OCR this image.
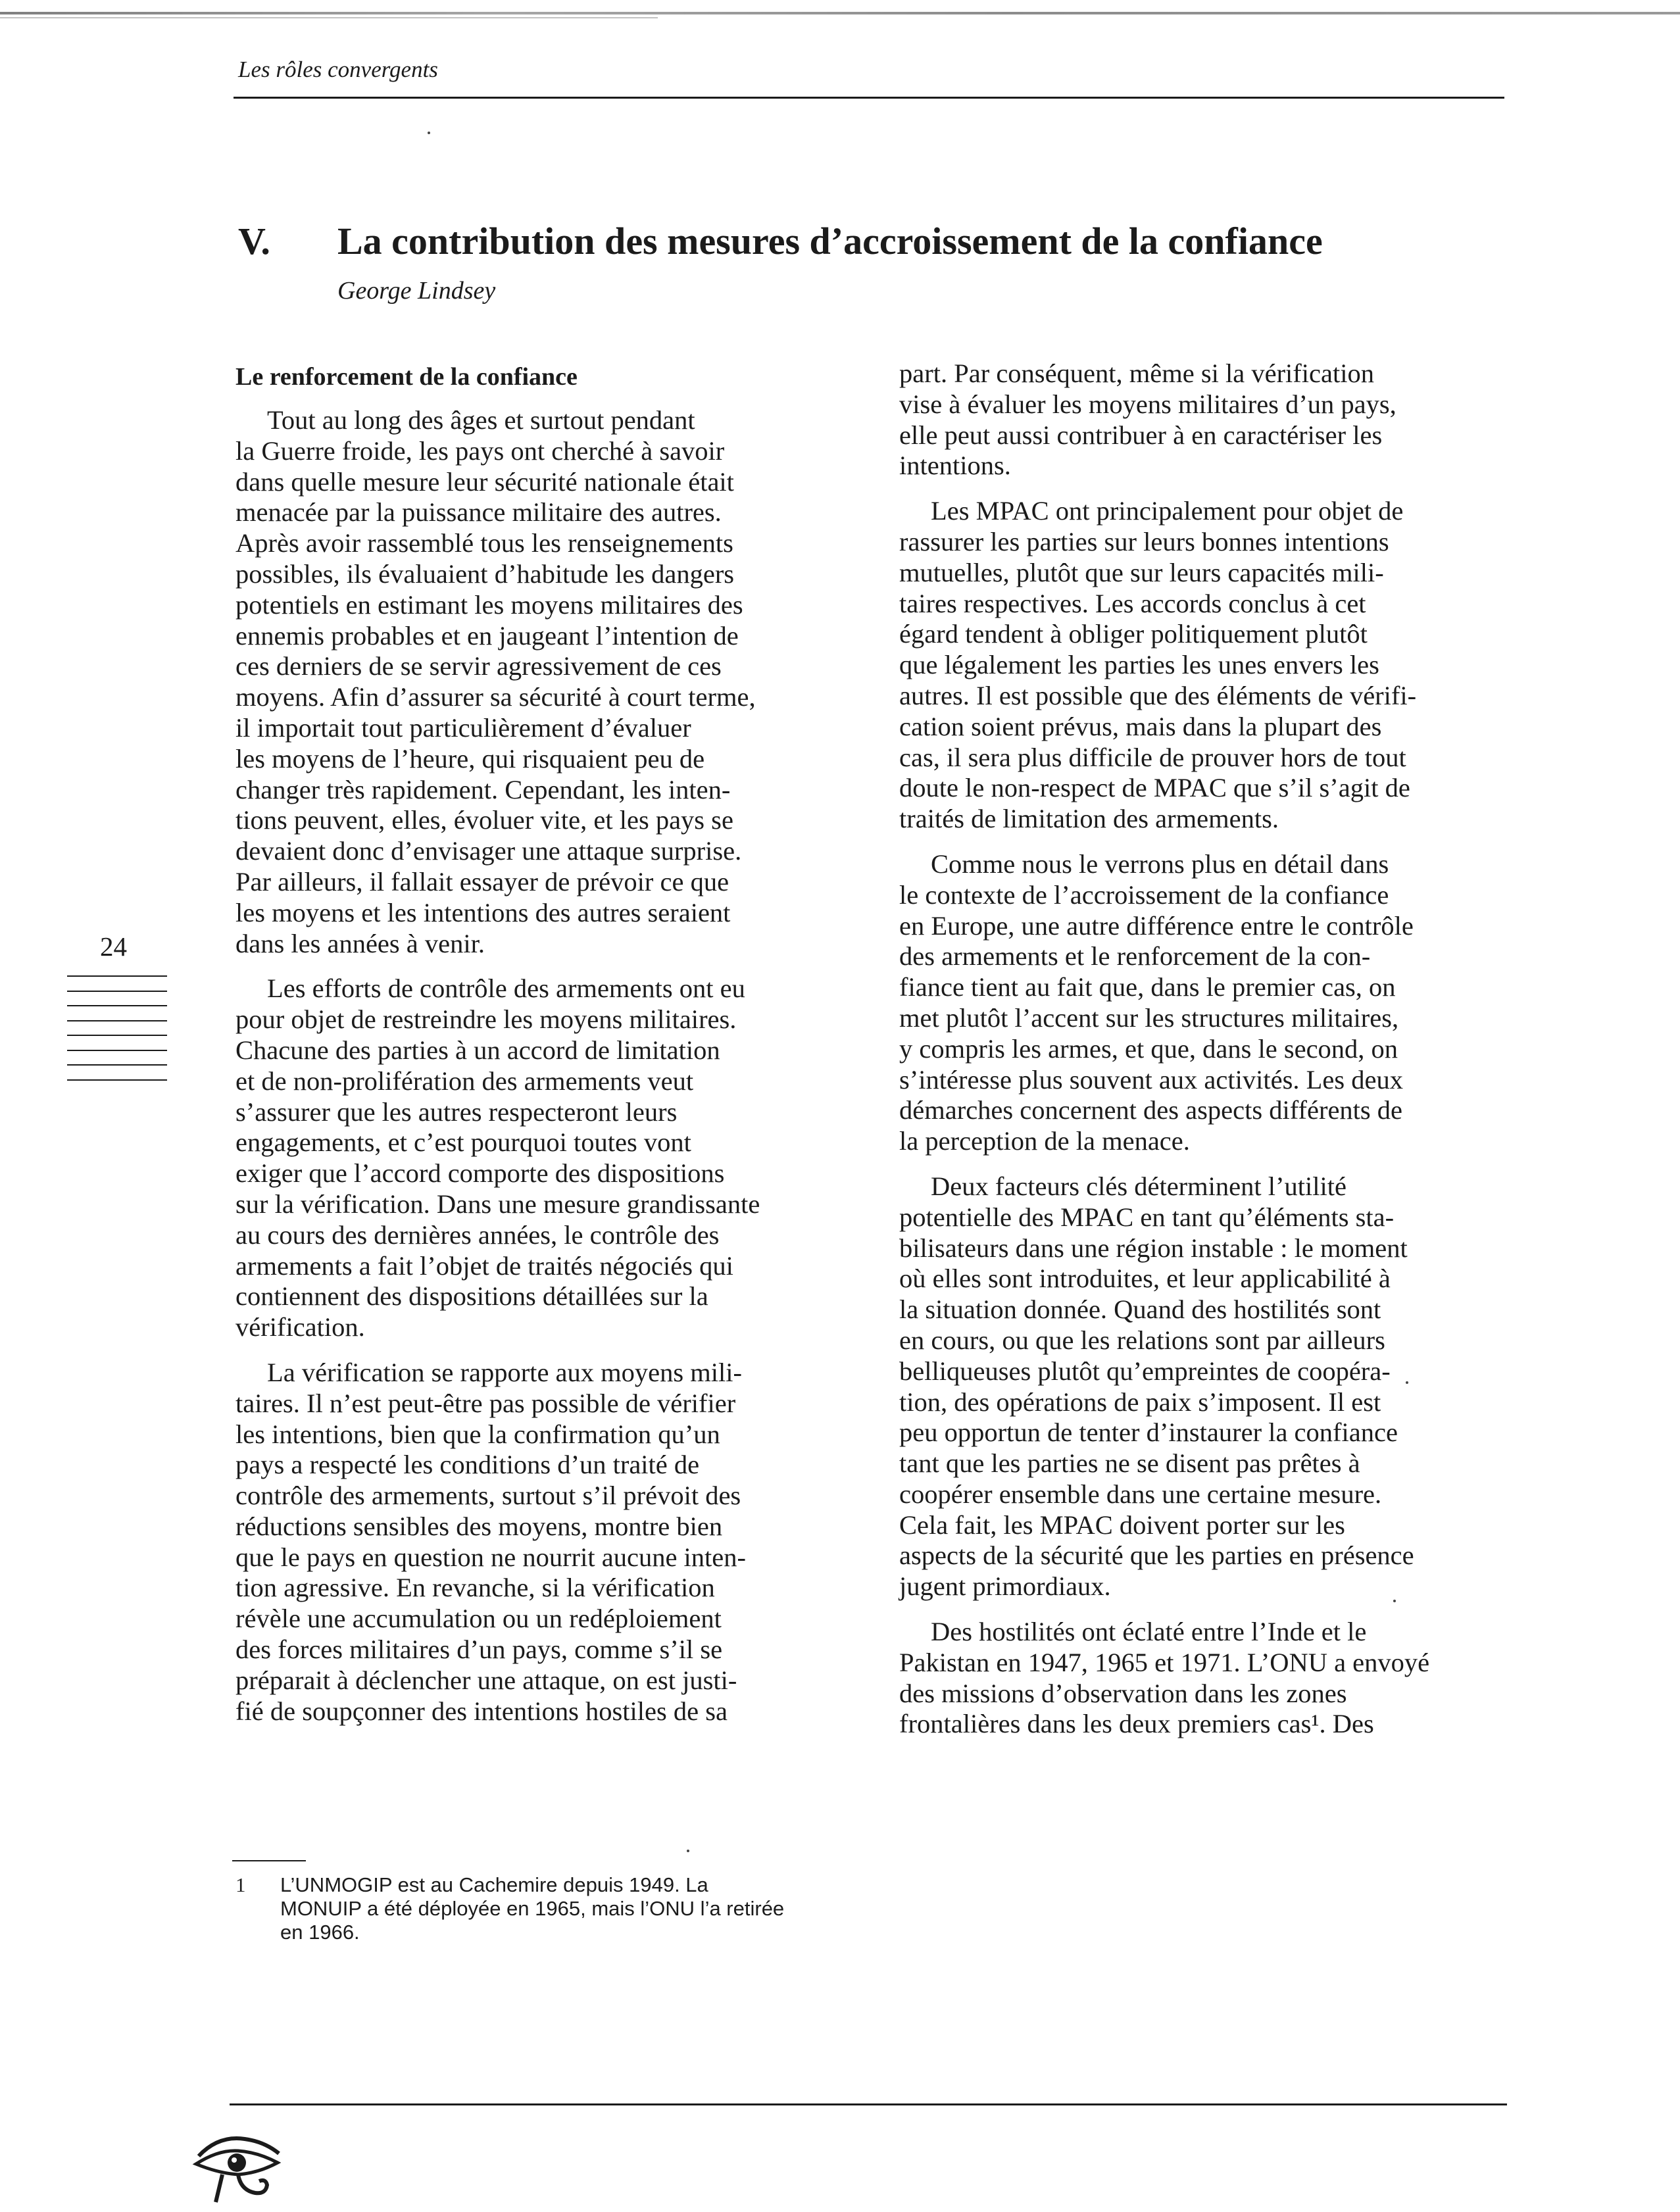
Les rôles convergents
V. La contribution des mesures d’accroissement de la confiance
George Lindsey
Le renforcement de la confiance

Tout au long des âges et surtout pendant
la Guerre froide, les pays ont cherché à savoir
dans quelle mesure leur sécurité nationale était
menacée par la puissance militaire des autres.
Après avoir rassemblé tous les renseignements
possibles, ils évaluaient d’habitude les dangers
potentiels en estimant les moyens militaires des
ennemis probables et en jaugeant l’intention de
ces derniers de se servir agressivement de ces
moyens. Afin d’assurer sa sécurité à court terme,
il importait tout particulièrement d’évaluer
les moyens de l’heure, qui risquaient peu de
changer très rapidement. Cependant, les inten-
tions peuvent, elles, évoluer vite, et les pays se
devaient donc d’envisager une attaque surprise.
Par ailleurs, il fallait essayer de prévoir ce que
les moyens et les intentions des autres seraient
dans les années à venir.

Les efforts de contrôle des armements ont eu
pour objet de restreindre les moyens militaires.
Chacune des parties à un accord de limitation
et de non-prolifération des armements veut
s’assurer que les autres respecteront leurs
engagements, et c’est pourquoi toutes vont
exiger que l’accord comporte des dispositions
sur la vérification. Dans une mesure grandissante
au cours des dernières années, le contrôle des
armements a fait l’objet de traités négociés qui
contiennent des dispositions détaillées sur la
vérification.

La vérification se rapporte aux moyens mili-
taires. Il n’est peut-être pas possible de vérifier
les intentions, bien que la confirmation qu’un
pays a respecté les conditions d’un traité de
contrôle des armements, surtout s’il prévoit des
réductions sensibles des moyens, montre bien
que le pays en question ne nourrit aucune inten-
tion agressive. En revanche, si la vérification
révèle une accumulation ou un redéploiement
des forces militaires d’un pays, comme s’il se
préparait à déclencher une attaque, on est justi-
fié de soupçonner des intentions hostiles de sa

part. Par conséquent, même si la vérification
vise à évaluer les moyens militaires d’un pays,
elle peut aussi contribuer à en caractériser les
intentions.

Les MPAC ont principalement pour objet de
rassurer les parties sur leurs bonnes intentions
mutuelles, plutôt que sur leurs capacités mili-
taires respectives. Les accords conclus à cet
égard tendent à obliger politiquement plutôt
que légalement les parties les unes envers les
autres. Il est possible que des éléments de vérifi-
cation soient prévus, mais dans la plupart des
cas, il sera plus difficile de prouver hors de tout
doute le non-respect de MPAC que s’il s’agit de
traités de limitation des armements.

Comme nous le verrons plus en détail dans
le contexte de l’accroissement de la confiance
en Europe, une autre différence entre le contrôle
des armements et le renforcement de la con-
fiance tient au fait que, dans le premier cas, on
met plutôt l’accent sur les structures militaires,
y compris les armes, et que, dans le second, on
s’intéresse plus souvent aux activités. Les deux
démarches concernent des aspects différents de
la perception de la menace.

Deux facteurs clés déterminent l’utilité
potentielle des MPAC en tant qu’éléments sta-
bilisateurs dans une région instable : le moment
où elles sont introduites, et leur applicabilité à
la situation donnée. Quand des hostilités sont
en cours, ou que les relations sont par ailleurs
belliqueuses plutôt qu’empreintes de coopéra-
tion, des opérations de paix s’imposent. Il est
peu opportun de tenter d’instaurer la confiance
tant que les parties ne se disent pas prêtes à
coopérer ensemble dans une certaine mesure.
Cela fait, les MPAC doivent porter sur les
aspects de la sécurité que les parties en présence
jugent primordiaux.

Des hostilités ont éclaté entre l’Inde et le
Pakistan en 1947, 1965 et 1971. L’ONU a envoyé
des missions d’observation dans les zones
frontalières dans les deux premiers cas¹. Des

24
1 L’UNMOGIP est au Cachemire depuis 1949. La
MONUIP a été déployée en 1965, mais l’ONU l’a retirée
en 1966.
